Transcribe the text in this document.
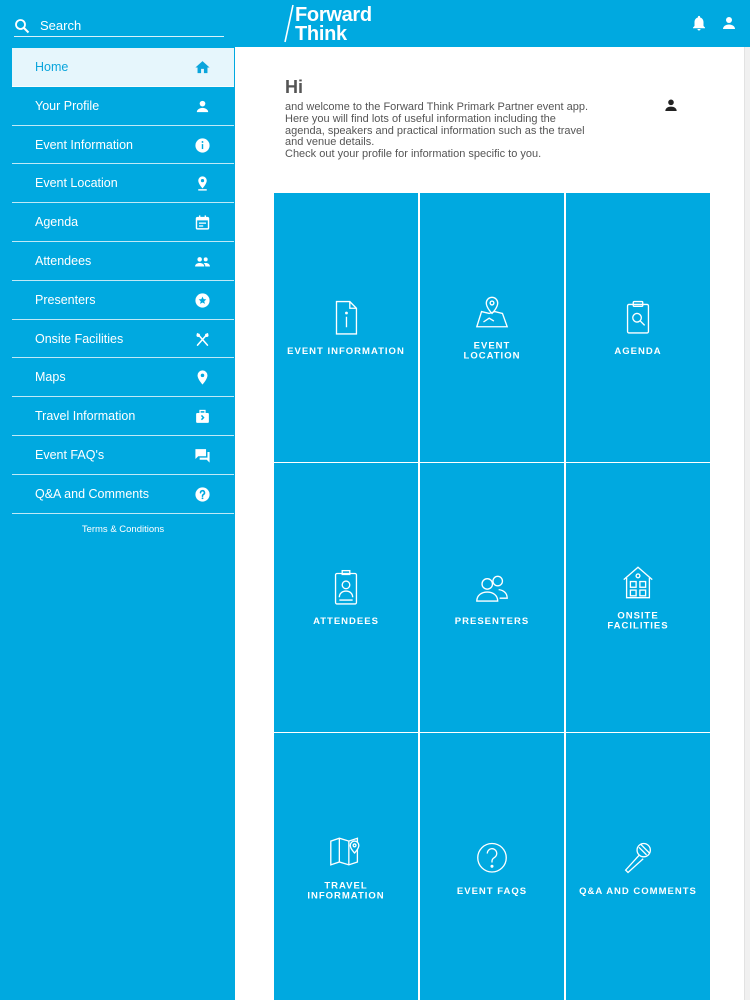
Search
Forward
Think
Home
Your Profile
Event Information
Event Location
Agenda
Attendees
Presenters
Onsite Facilities
Maps
Travel Information
Event FAQ's
Q&A and Comments
Terms & Conditions
Hi

and welcome to the Forward Think Primark Partner event app.

Here you will find lots of useful information including the

agenda, speakers and practical information such as the travel

and venue details.

Check out your profile for information specific to you.

EVENT INFORMATION	EVENT
LOCATION	AGENDA
ATTENDEES	PRESENTERS	ONSITE
FACILITIES
TRAVEL
INFORMATION	EVENT FAQS	Q&A AND COMMENTS
